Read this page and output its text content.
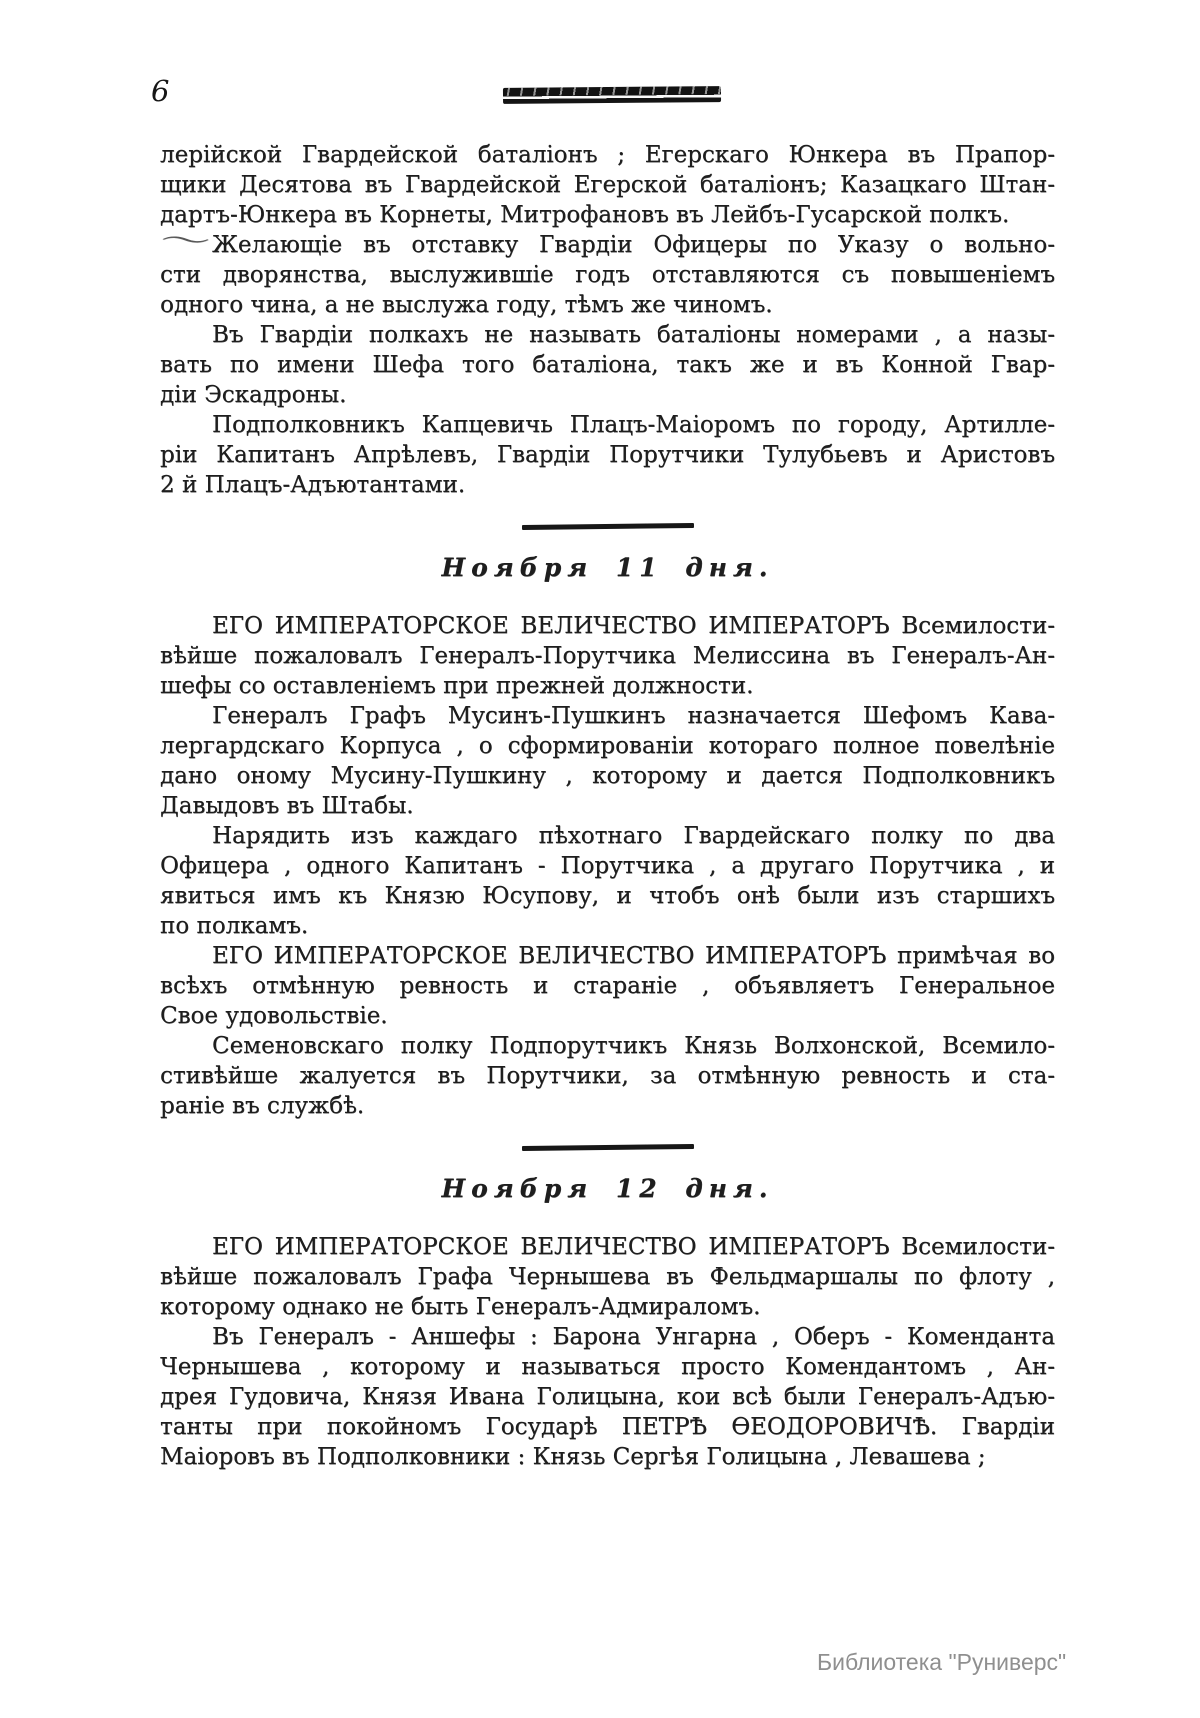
6
лерійской Гвардейской баталіонъ ; Егерскаго Юнкера въ Прапор-
щики Десятова въ Гвардейской Егерской баталіонъ; Казацкаго Штан-
дартъ-Юнкера въ Корнеты, Митрофановъ въ Лейбъ-Гусарской полкъ.
Желающіе въ отставку Гвардіи Офицеры по Указу о вольно-
〜
сти дворянства, выслужившіе годъ отставляются съ повышеніемъ
одного чина, а не выслужа году, тѣмъ же чиномъ.
Въ Гвардіи полкахъ не называть баталіоны номерами , а назы-
вать по имени Шефа того баталіона, такъ же и въ Конной Гвар-
діи Эскадроны.
Подполковникъ Капцевичь Плацъ-Маіоромъ по городу, Артилле-
ріи Капитанъ Апрѣлевъ, Гвардіи Порутчики Тулубьевъ и Аристовъ
2 й Плацъ-Адъютантами.
Ноября 11 дня.
ЕГО ИМПЕРАТОРСКОЕ ВЕЛИЧЕСТВО ИМПЕРАТОРЪ Всемилости-
вѣйше пожаловалъ Генералъ-Порутчика Мелиссина въ Генералъ-Ан-
шефы со оставленіемъ при прежней должности.
Генералъ Графъ Мусинъ-Пушкинъ назначается Шефомъ Кава-
лергардскаго Корпуса , о сформированіи котораго полное повелѣніе
дано оному Мусину-Пушкину , которому и дается Подполковникъ
Давыдовъ въ Штабы.
Нарядить изъ каждаго пѣхотнаго Гвардейскаго полку по два
Офицера , одного Капитанъ - Порутчика , а другаго Порутчика , и
явиться имъ къ Князю Юсупову, и чтобъ онѣ были изъ старшихъ
по полкамъ.
ЕГО ИМПЕРАТОРСКОЕ ВЕЛИЧЕСТВО ИМПЕРАТОРЪ примѣчая во
всѣхъ отмѣнную ревность и стараніе , объявляетъ Генеральное
Свое удовольствіе.
Семеновскаго полку Подпорутчикъ Князь Волхонской, Всемило-
стивѣйше жалуется въ Порутчики, за отмѣнную ревность и ста-
раніе въ службѣ.
Ноября 12 дня.
ЕГО ИМПЕРАТОРСКОЕ ВЕЛИЧЕСТВО ИМПЕРАТОРЪ Всемилости-
вѣйше пожаловалъ Графа Чернышева въ Фельдмаршалы по флоту ,
которому однако не быть Генералъ-Адмираломъ.
Въ Генералъ - Аншефы : Барона Унгарна , Оберъ - Коменданта
Чернышева , которому и называться просто Комендантомъ , Ан-
дрея Гудовича, Князя Ивана Голицына, кои всѣ были Генералъ-Адъю-
танты при покойномъ Государѣ ПЕТРѢ ѲЕОДОРОВИЧѢ. Гвардіи
Маіоровъ въ Подполковники : Князь Сергѣя Голицына , Левашева ;
Библиотека "Руниверс"
